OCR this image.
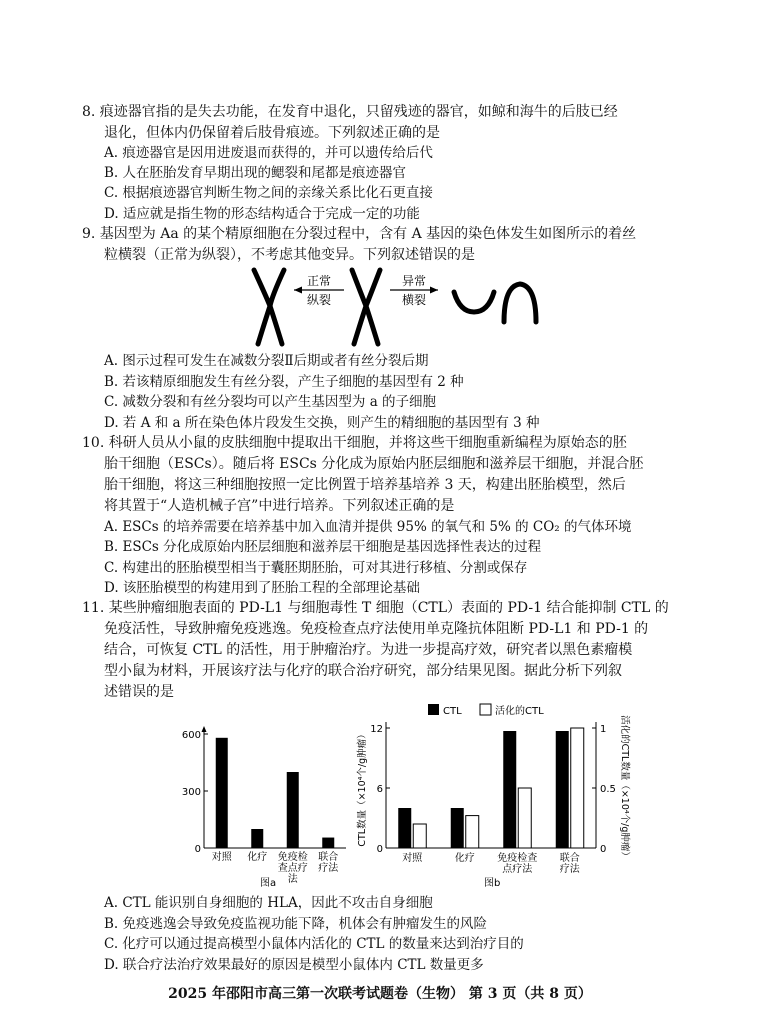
8. 痕迹器官指的是失去功能，在发育中退化，只留残迹的器官，如鲸和海牛的后肢已经
退化，但体内仍保留着后肢骨痕迹。下列叙述正确的是
A. 痕迹器官是因用进废退而获得的，并可以遗传给后代
B. 人在胚胎发育早期出现的鳃裂和尾都是痕迹器官
C. 根据痕迹器官判断生物之间的亲缘关系比化石更直接
D. 适应就是指生物的形态结构适合于完成一定的功能
9. 基因型为 Aa 的某个精原细胞在分裂过程中，含有 A 基因的染色体发生如图所示的着丝
粒横裂（正常为纵裂），不考虑其他变异。下列叙述错误的是
正常
纵裂
异常
横裂
A. 图示过程可发生在减数分裂Ⅱ后期或者有丝分裂后期
B. 若该精原细胞发生有丝分裂，产生子细胞的基因型有 2 种
C. 减数分裂和有丝分裂均可以产生基因型为 a 的子细胞
D. 若 A 和 a 所在染色体片段发生交换，则产生的精细胞的基因型有 3 种
10. 科研人员从小鼠的皮肤细胞中提取出干细胞，并将这些干细胞重新编程为原始态的胚
胎干细胞（ESCs）。随后将 ESCs 分化成为原始内胚层细胞和滋养层干细胞，并混合胚
胎干细胞，将这三种细胞按照一定比例置于培养基培养 3 天，构建出胚胎模型，然后
将其置于“人造机械子宫”中进行培养。下列叙述正确的是
A. ESCs 的培养需要在培养基中加入血清并提供 95% 的氧气和 5% 的 CO₂ 的气体环境
B. ESCs 分化成原始内胚层细胞和滋养层干细胞是基因选择性表达的过程
C. 构建出的胚胎模型相当于囊胚期胚胎，可对其进行移植、分割或保存
D. 该胚胎模型的构建用到了胚胎工程的全部理论基础
11. 某些肿瘤细胞表面的 PD-L1 与细胞毒性 T 细胞（CTL）表面的 PD-1 结合能抑制 CTL 的
免疫活性，导致肿瘤免疫逃逸。免疫检查点疗法使用单克隆抗体阻断 PD-L1 和 PD-1 的
结合，可恢复 CTL 的活性，用于肿瘤治疗。为进一步提高疗效，研究者以黑色素瘤模
型小鼠为材料，开展该疗法与化疗的联合治疗研究，部分结果见图。据此分析下列叙
述错误的是
0
300
600
对照 化疗 免疫检
查点疗
法
联合
疗法
图a
0
6
12
0
0.5
1
CTL数量（×10⁴个/g肿瘤）	活化的CTL数量（×10⁴个/g肿瘤）
CTL	活化的CTL
对照	化疗 免疫检查
点疗法
联合
疗法
图b
A. CTL 能识别自身细胞的 HLA，因此不攻击自身细胞
B. 免疫逃逸会导致免疫监视功能下降，机体会有肿瘤发生的风险
C. 化疗可以通过提高模型小鼠体内活化的 CTL 的数量来达到治疗目的
D. 联合疗法治疗效果最好的原因是模型小鼠体内 CTL 数量更多
2025 年邵阳市高三第一次联考试题卷（生物） 第 3 页（共 8 页）
